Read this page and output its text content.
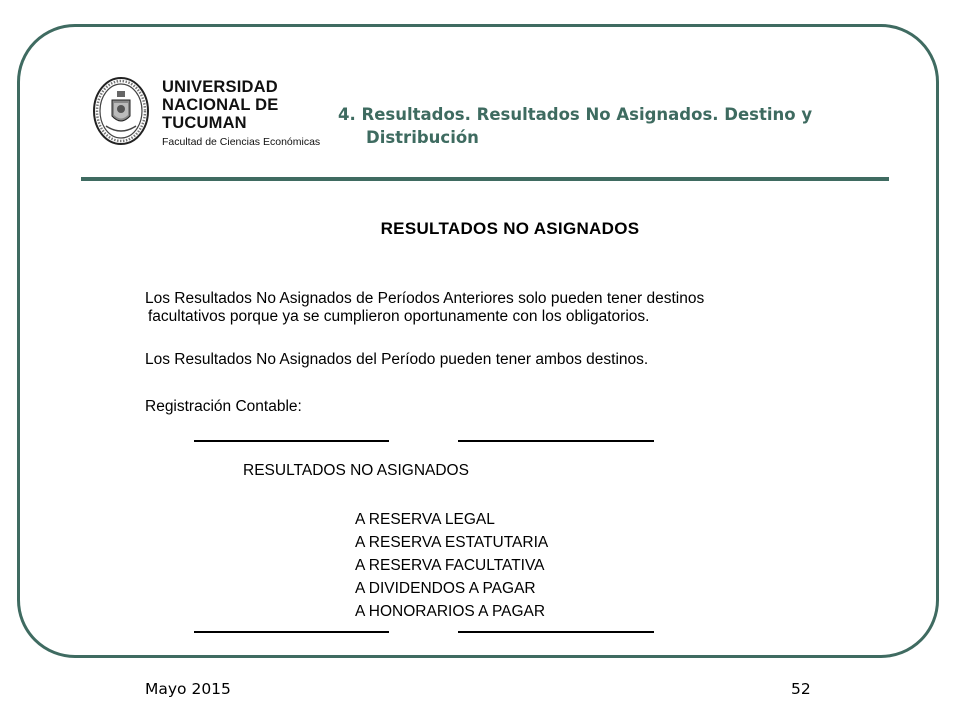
UNIVERSIDAD
NACIONAL DE
TUCUMAN
Facultad de Ciencias Económicas
4. Resultados. Resultados No Asignados. Destino y
Distribución
RESULTADOS NO ASIGNADOS
Los Resultados No Asignados de Períodos Anteriores solo pueden tener destinos
facultativos porque ya se cumplieron oportunamente con los obligatorios.
Los Resultados No Asignados del Período pueden tener ambos destinos.
Registración Contable:
RESULTADOS NO ASIGNADOS
A RESERVA LEGAL
A RESERVA ESTATUTARIA
A RESERVA FACULTATIVA
A DIVIDENDOS A PAGAR
A HONORARIOS A PAGAR
Mayo 2015	52
